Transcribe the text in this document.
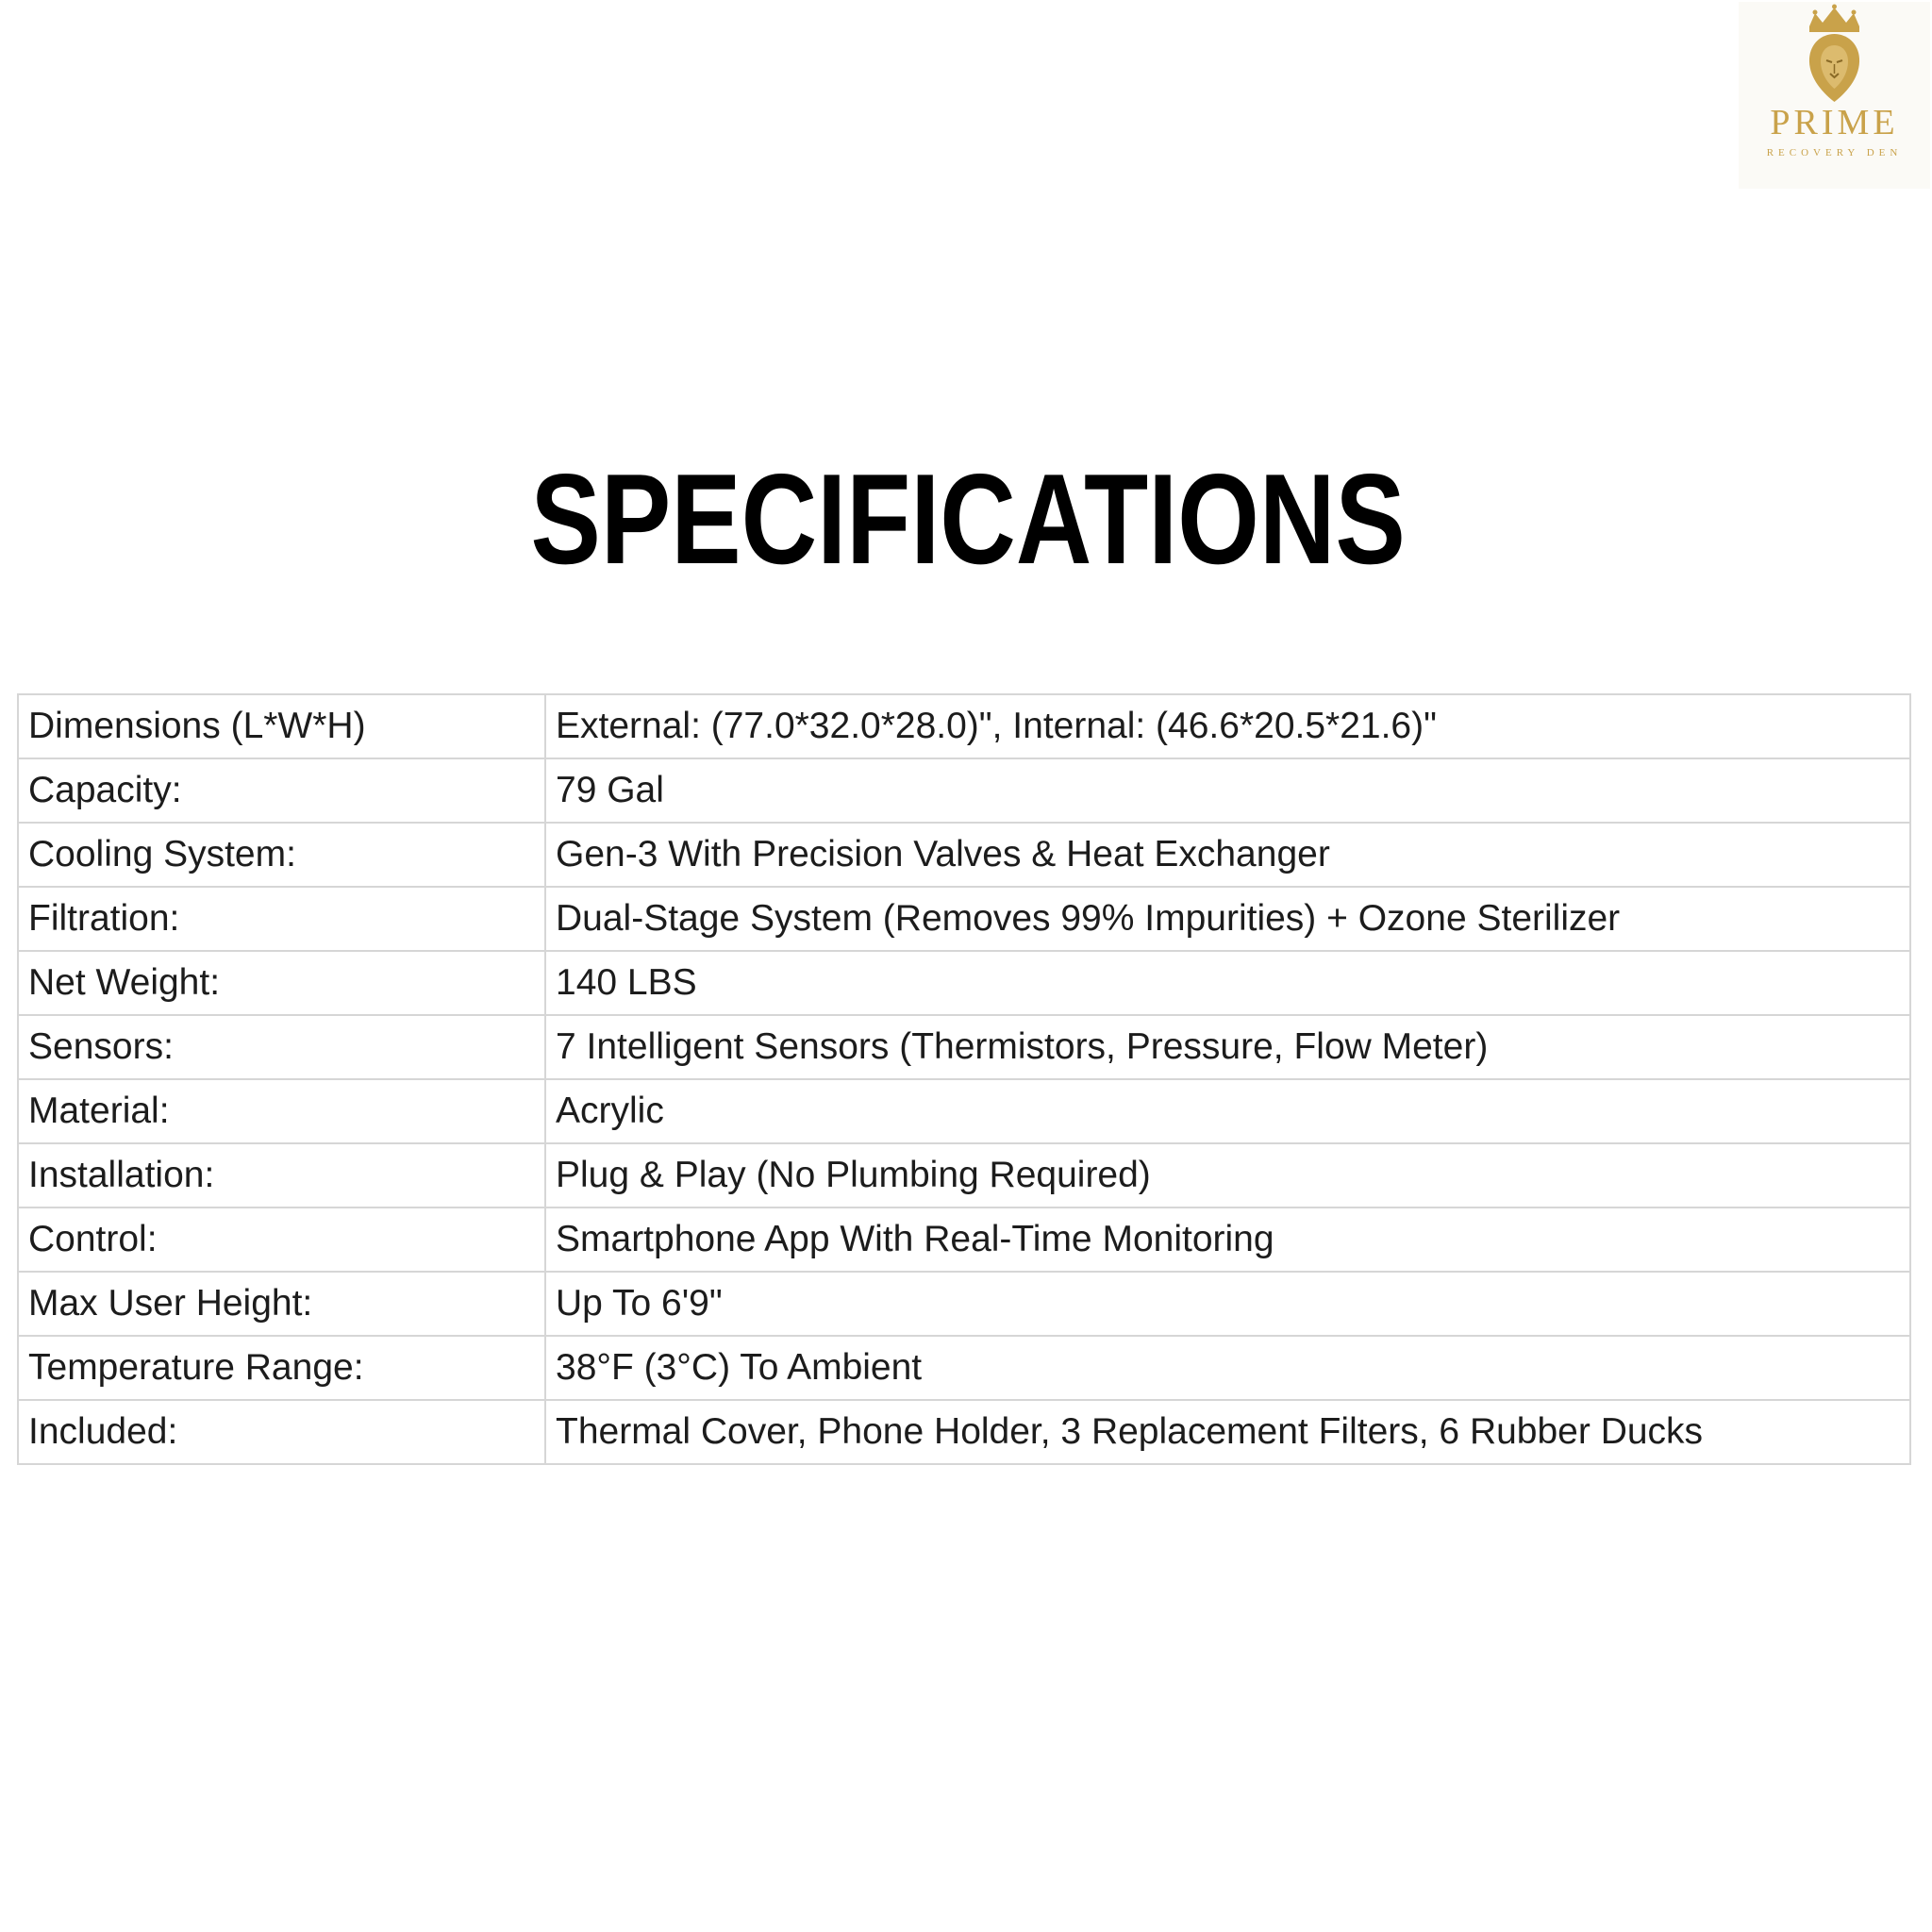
PRIME
RECOVERY DEN
SPECIFICATIONS
Dimensions (L*W*H)	External: (77.0*32.0*28.0)", Internal: (46.6*20.5*21.6)"
Capacity:	79 Gal
Cooling System:	Gen-3 With Precision Valves & Heat Exchanger
Filtration:	Dual-Stage System (Removes 99% Impurities) + Ozone Sterilizer
Net Weight:	140 LBS
Sensors:	7 Intelligent Sensors (Thermistors, Pressure, Flow Meter)
Material:	Acrylic
Installation:	Plug & Play (No Plumbing Required)
Control:	Smartphone App With Real-Time Monitoring
Max User Height:	Up To 6'9"
Temperature Range:	38°F (3°C) To Ambient
Included:	Thermal Cover, Phone Holder, 3 Replacement Filters, 6 Rubber Ducks
